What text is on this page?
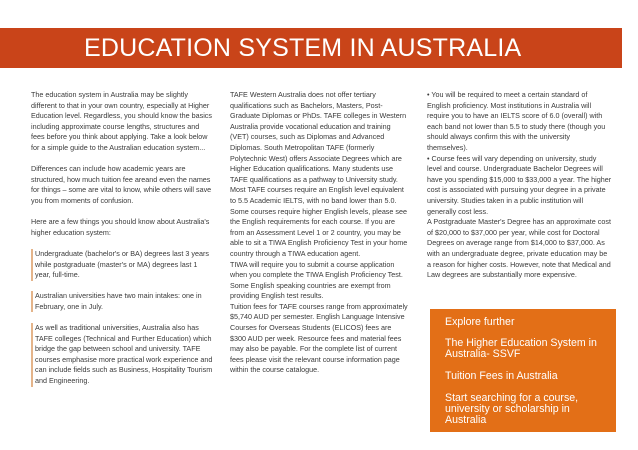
EDUCATION SYSTEM IN AUSTRALIA

The education system in Australia may be slightly different to that in your own country, especially at Higher Education level. Regardless, you should know the basics including approximate course lengths, structures and fees before you think about applying. Take a look below for a simple guide to the Australian education system...

Differences can include how academic years are structured, how much tuition fee areand even the names for things – some are vital to know, while others will save you from moments of confusion.

Here are a few things you should know about Australia's higher education system:

Undergraduate (bachelor's or BA) degrees last 3 years while postgraduate (master's or MA) degrees last 1 year, full-time.

Australian universities have two main intakes: one in February, one in July.

As well as traditional universities, Australia also has TAFE colleges (Technical and Further Education) which bridge the gap between school and university. TAFE courses emphasise more practical work experience and can include fields such as Business, Hospitality Tourism and Engineering.

TAFE Western Australia does not offer tertiary qualifications such as Bachelors, Masters, Post-Graduate Diplomas or PhDs. TAFE colleges in Western Australia provide vocational education and training (VET) courses, such as Diplomas and Advanced Diplomas. South Metropolitan TAFE (formerly Polytechnic West) offers Associate Degrees which are Higher Education qualifications. Many students use TAFE qualifications as a pathway to University study. Most TAFE courses require an English level equivalent to 5.5 Academic IELTS, with no band lower than 5.0. Some courses require higher English levels, please see the English requirements for each course. If you are from an Assessment Level 1 or 2 country, you may be able to sit a TIWA English Proficiency Test in your home country through a TIWA education agent.

TIWA will require you to submit a course application when you complete the TIWA English Proficiency Test. Some English speaking countries are exempt from providing English test results.

Tuition fees for TAFE courses range from approximately $5,740 AUD per semester. English Language Intensive Courses for Overseas Students (ELICOS) fees are $300 AUD per week. Resource fees and material fees may also be payable. For the complete list of current fees please visit the relevant course information page within the course catalogue.

• You will be required to meet a certain standard of English proficiency. Most institutions in Australia will require you to have an IELTS score of 6.0 (overall) with each band not lower than 5.5 to study there (though you should always confirm this with the university themselves).

• Course fees will vary depending on university, study level and course. Undergraduate Bachelor Degrees will have you spending $15,000 to $33,000 a year. The higher cost is associated with pursuing your degree in a private university. Studies taken in a public institution will generally cost less.

A Postgraduate Master's Degree has an approximate cost of $20,000 to $37,000 per year, while cost for Doctoral Degrees on average range from $14,000 to $37,000. As with an undergraduate degree, private education may be a reason for higher costs. However, note that Medical and Law degrees are substantially more expensive.

Explore further
The Higher Education System in Australia- SSVF
Tuition Fees in Australia
Start searching for a course, university or scholarship in Australia
